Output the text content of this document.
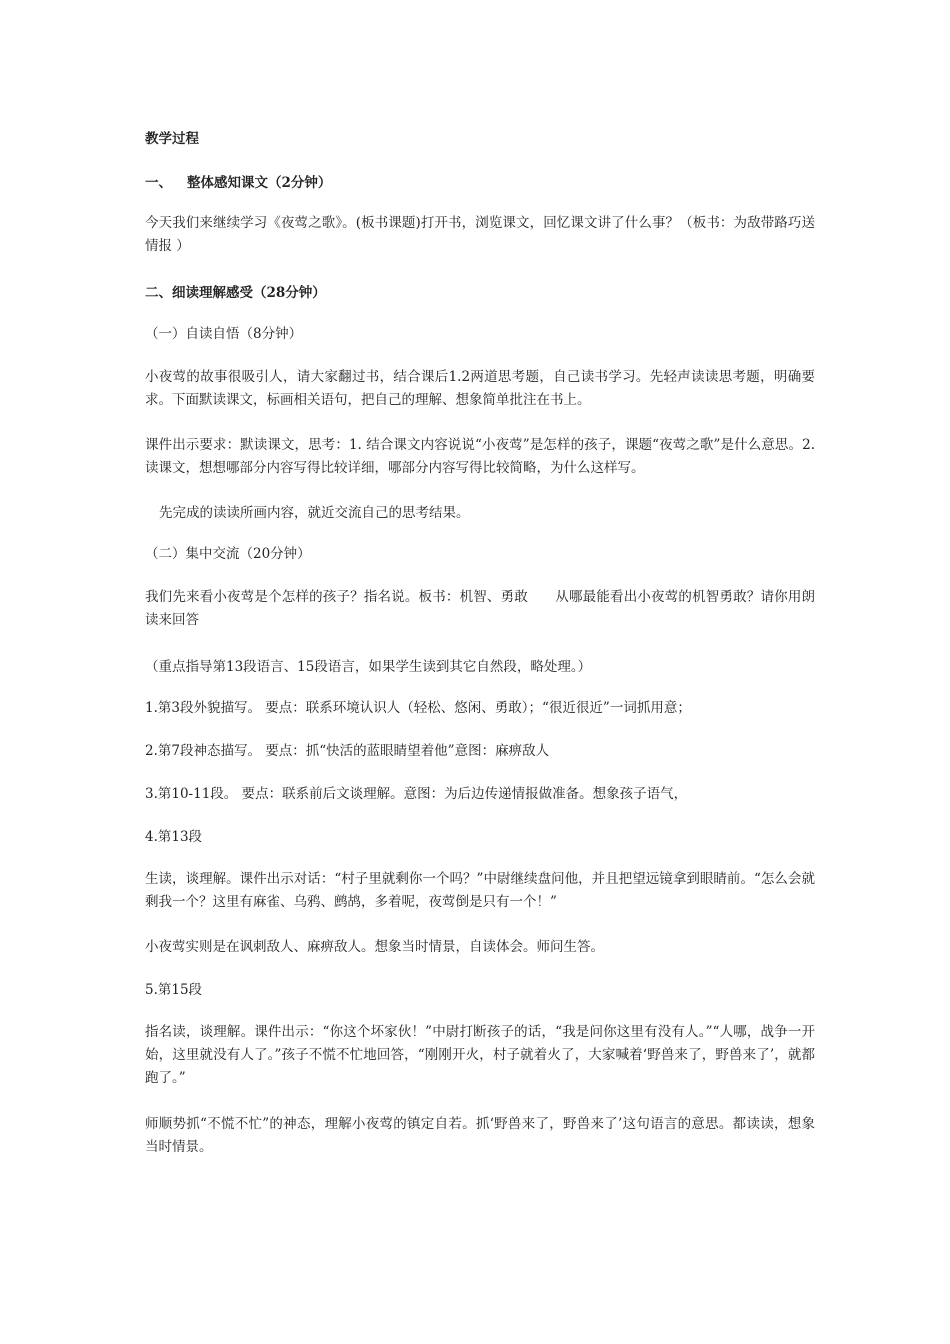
教学过程
一、 整体感知课文（2分钟）
今天我们来继续学习《夜莺之歌》。(板书课题)打开书，浏览课文，回忆课文讲了什么事？（板书：为敌带路巧送情报 ）
二、细读理解感受（28分钟）
（一）自读自悟（8分钟）
小夜莺的故事很吸引人，请大家翻过书，结合课后1.2两道思考题，自己读书学习。先轻声读读思考题，明确要求。下面默读课文，标画相关语句，把自己的理解、想象简单批注在书上。
课件出示要求：默读课文，思考：1. 结合课文内容说说“小夜莺”是怎样的孩子，课题“夜莺之歌”是什么意思。2.读课文，想想哪部分内容写得比较详细，哪部分内容写得比较简略，为什么这样写。
先完成的读读所画内容，就近交流自己的思考结果。
（二）集中交流（20分钟）
我们先来看小夜莺是个怎样的孩子？指名说。板书：机智、勇敢　　从哪最能看出小夜莺的机智勇敢？请你用朗读来回答
（重点指导第13段语言、15段语言，如果学生读到其它自然段，略处理。）
1.第3段外貌描写。 要点：联系环境认识人（轻松、悠闲、勇敢）；“很近很近”一词抓用意；
2.第7段神态描写。 要点：抓“快活的蓝眼睛望着他”意图：麻痹敌人
3.第10-11段。 要点：联系前后文谈理解。意图：为后边传递情报做准备。想象孩子语气，
4.第13段
生读，谈理解。课件出示对话：“村子里就剩你一个吗？”中尉继续盘问他，并且把望远镜拿到眼睛前。“怎么会就剩我一个？这里有麻雀、乌鸦、鹧鸪，多着呢，夜莺倒是只有一个！”
小夜莺实则是在讽刺敌人、麻痹敌人。想象当时情景，自读体会。师问生答。
5.第15段
指名读，谈理解。课件出示：“你这个坏家伙！”中尉打断孩子的话，“我是问你这里有没有人。”“人哪，战争一开始，这里就没有人了。”孩子不慌不忙地回答，“刚刚开火，村子就着火了，大家喊着‘野兽来了，野兽来了’，就都跑了。”
师顺势抓“不慌不忙”的神态，理解小夜莺的镇定自若。抓‘野兽来了，野兽来了’这句语言的意思。都读读，想象当时情景。
